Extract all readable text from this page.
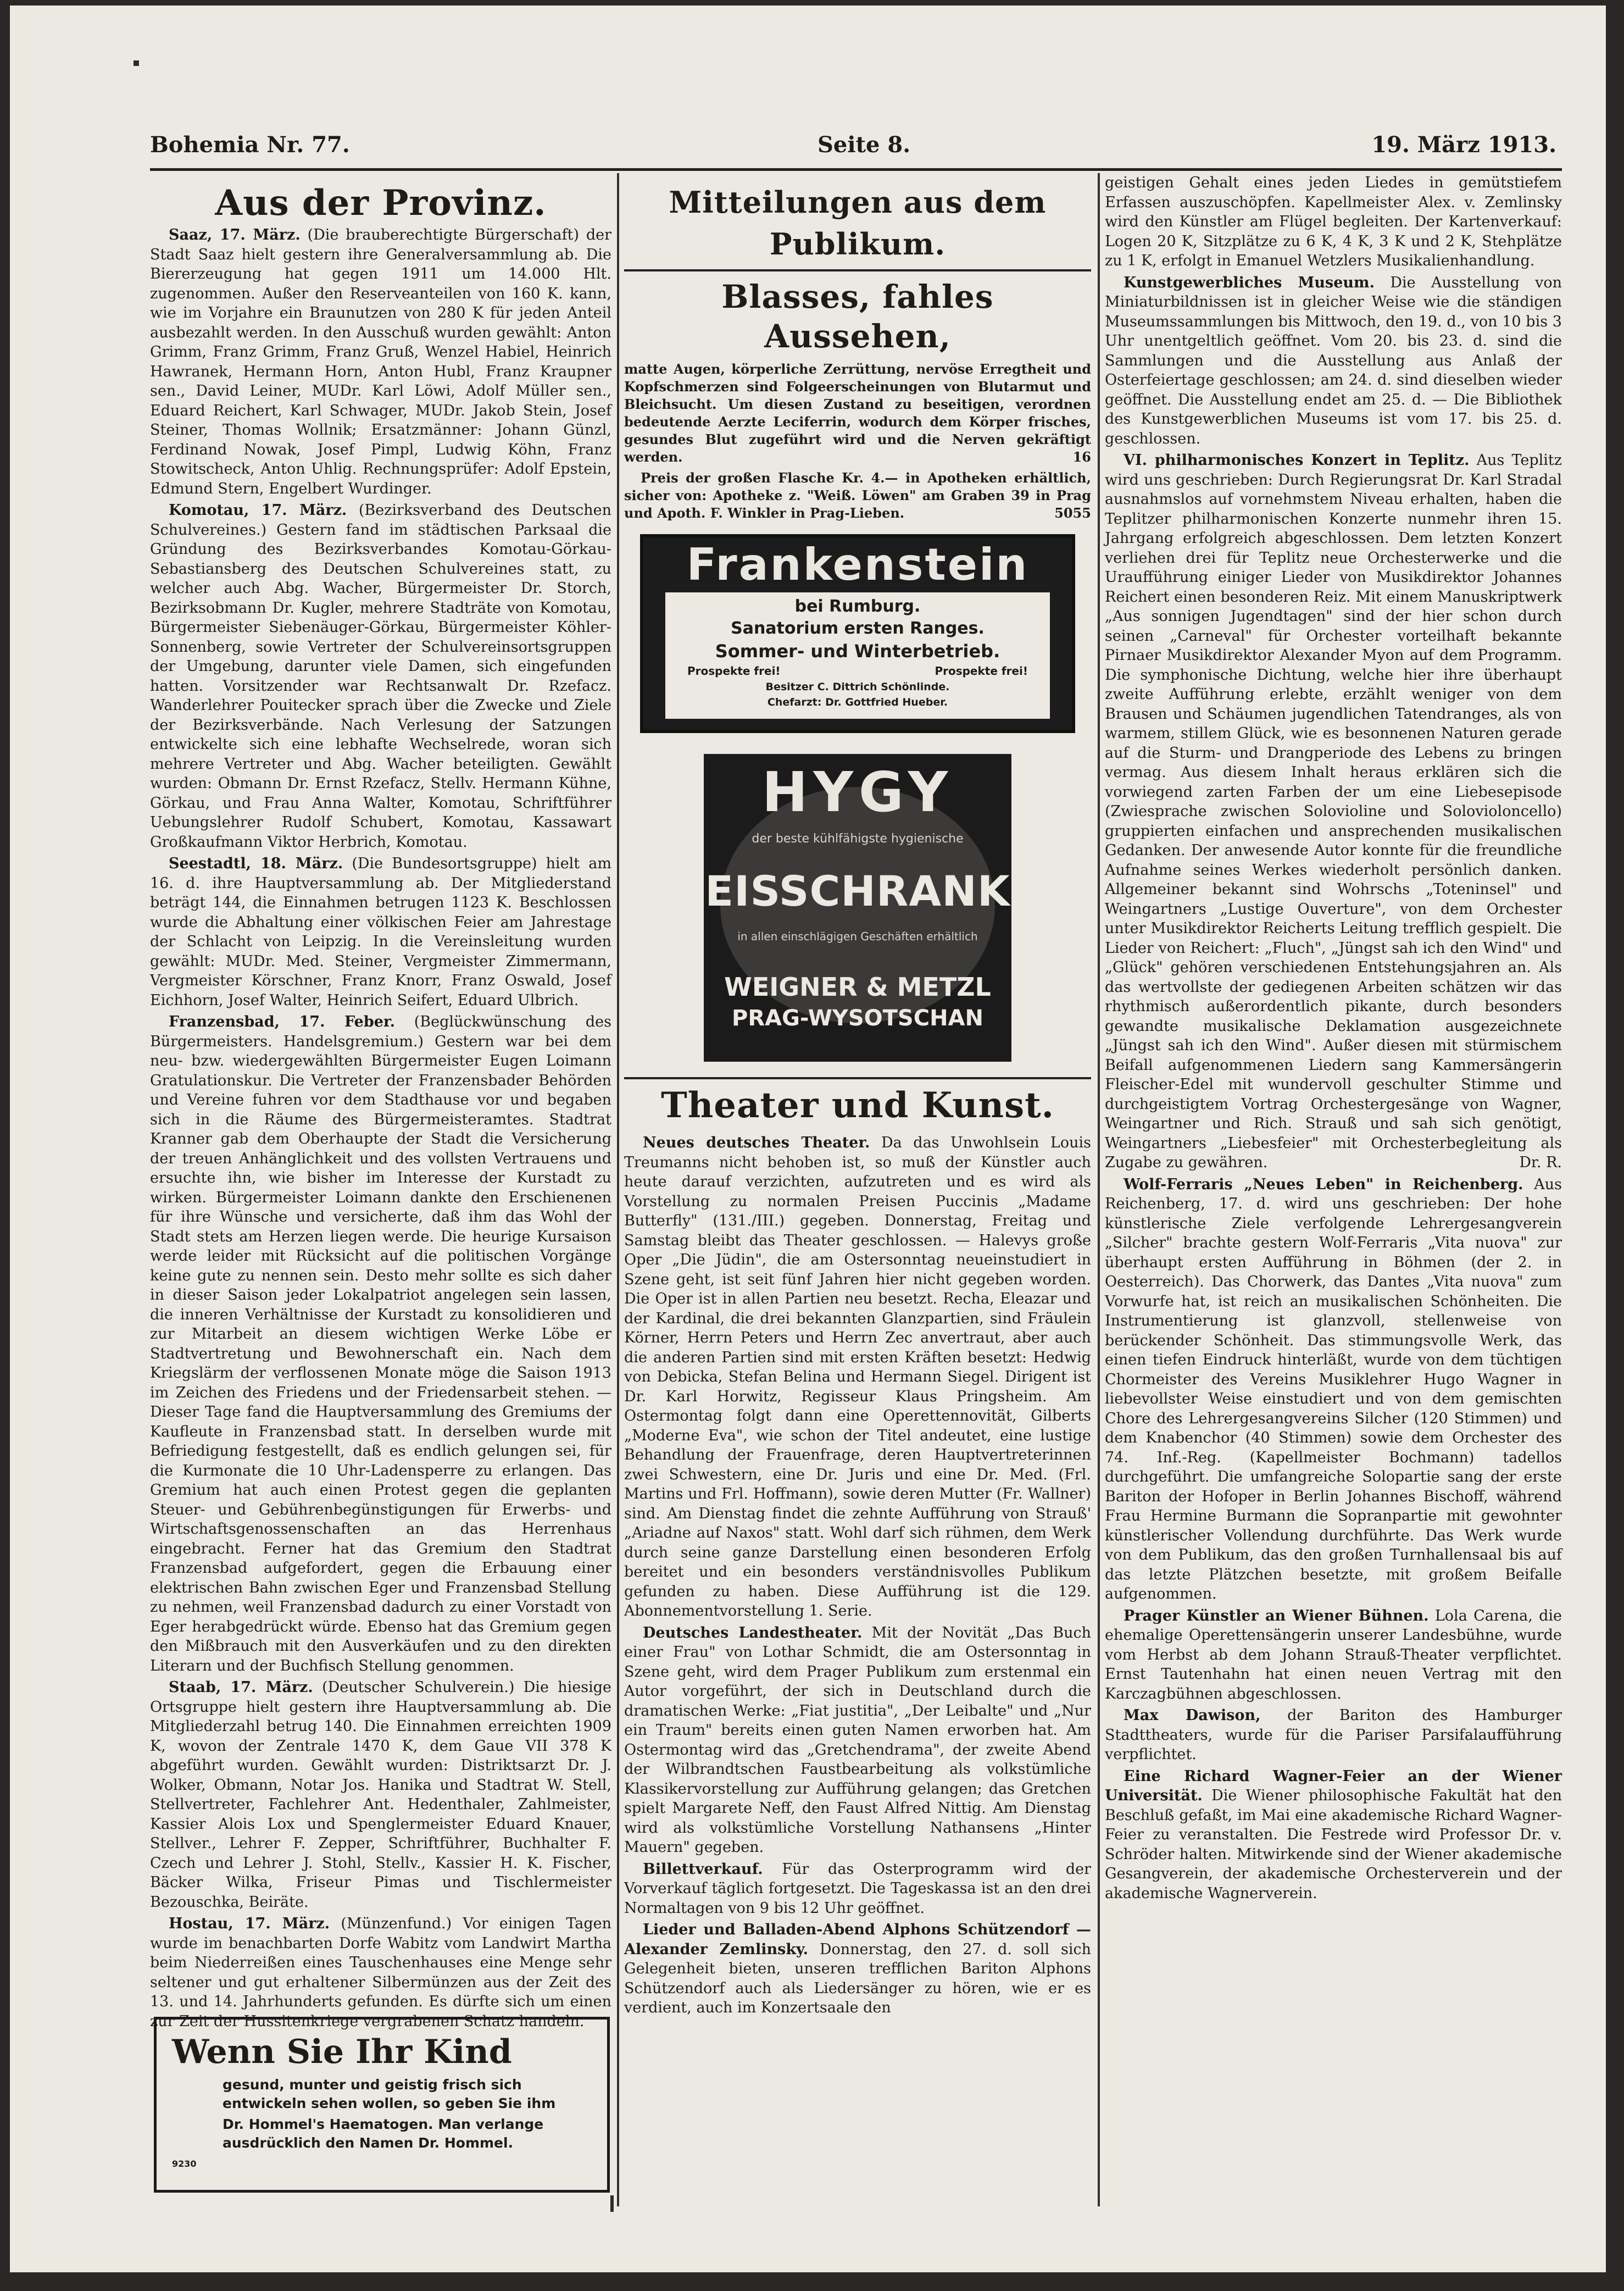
Bohemia Nr. 77.	Seite 8.	19. März 1913.
Aus der Provinz.

Saaz, 17. März. (Die brauberechtigte Bürgerschaft) der Stadt Saaz hielt gestern ihre Generalversammlung ab. Die Biererzeugung hat gegen 1911 um 14.000 Hlt. zugenommen. Außer den Reserveanteilen von 160 K. kann, wie im Vorjahre ein Braunutzen von 280 K für jeden Anteil ausbezahlt werden. In den Ausschuß wurden gewählt: Anton Grimm, Franz Grimm, Franz Gruß, Wenzel Habiel, Heinrich Hawranek, Hermann Horn, Anton Hubl, Franz Kraupner sen., David Leiner, MUDr. Karl Löwi, Adolf Müller sen., Eduard Reichert, Karl Schwager, MUDr. Jakob Stein, Josef Steiner, Thomas Wollnik; Ersatzmänner: Johann Günzl, Ferdinand Nowak, Josef Pimpl, Ludwig Köhn, Franz Stowitscheck, Anton Uhlig. Rechnungsprüfer: Adolf Epstein, Edmund Stern, Engelbert Wurdinger.

Komotau, 17. März. (Bezirksverband des Deutschen Schulvereines.) Gestern fand im städtischen Parksaal die Gründung des Bezirksverbandes Komotau-Görkau-Sebastiansberg des Deutschen Schulvereines statt, zu welcher auch Abg. Wacher, Bürgermeister Dr. Storch, Bezirksobmann Dr. Kugler, mehrere Stadträte von Komotau, Bürgermeister Siebenäuger-Görkau, Bürgermeister Köhler-Sonnenberg, sowie Vertreter der Schulvereinsortsgruppen der Umgebung, darunter viele Damen, sich eingefunden hatten. Vorsitzender war Rechtsanwalt Dr. Rzefacz. Wanderlehrer Pouitecker sprach über die Zwecke und Ziele der Bezirksverbände. Nach Verlesung der Satzungen entwickelte sich eine lebhafte Wechselrede, woran sich mehrere Vertreter und Abg. Wacher beteiligten. Gewählt wurden: Obmann Dr. Ernst Rzefacz, Stellv. Hermann Kühne, Görkau, und Frau Anna Walter, Komotau, Schriftführer Uebungslehrer Rudolf Schubert, Komotau, Kassawart Großkaufmann Viktor Herbrich, Komotau.

Seestadtl, 18. März. (Die Bundesortsgruppe) hielt am 16. d. ihre Hauptversammlung ab. Der Mitgliederstand beträgt 144, die Einnahmen betrugen 1123 K. Beschlossen wurde die Abhaltung einer völkischen Feier am Jahrestage der Schlacht von Leipzig. In die Vereinsleitung wurden gewählt: MUDr. Med. Steiner, Vergmeister Zimmermann, Vergmeister Körschner, Franz Knorr, Franz Oswald, Josef Eichhorn, Josef Walter, Heinrich Seifert, Eduard Ulbrich.

Franzensbad, 17. Feber. (Beglückwünschung des Bürgermeisters. Handelsgremium.) Gestern war bei dem neu- bzw. wiedergewählten Bürgermeister Eugen Loimann Gratulationskur. Die Vertreter der Franzensbader Behörden und Vereine fuhren vor dem Stadthause vor und begaben sich in die Räume des Bürgermeisteramtes. Stadtrat Kranner gab dem Oberhaupte der Stadt die Versicherung der treuen Anhänglichkeit und des vollsten Vertrauens und ersuchte ihn, wie bisher im Interesse der Kurstadt zu wirken. Bürgermeister Loimann dankte den Erschienenen für ihre Wünsche und versicherte, daß ihm das Wohl der Stadt stets am Herzen liegen werde. Die heurige Kursaison werde leider mit Rücksicht auf die politischen Vorgänge keine gute zu nennen sein. Desto mehr sollte es sich daher in dieser Saison jeder Lokalpatriot angelegen sein lassen, die inneren Verhältnisse der Kurstadt zu konsolidieren und zur Mitarbeit an diesem wichtigen Werke Löbe er Stadtvertretung und Bewohnerschaft ein. Nach dem Kriegslärm der verflossenen Monate möge die Saison 1913 im Zeichen des Friedens und der Friedensarbeit stehen. — Dieser Tage fand die Hauptversammlung des Gremiums der Kaufleute in Franzensbad statt. In derselben wurde mit Befriedigung festgestellt, daß es endlich gelungen sei, für die Kurmonate die 10 Uhr-Ladensperre zu erlangen. Das Gremium hat auch einen Protest gegen die geplanten Steuer- und Gebührenbegünstigungen für Erwerbs- und Wirtschaftsgenossenschaften an das Herrenhaus eingebracht. Ferner hat das Gremium den Stadtrat Franzensbad aufgefordert, gegen die Erbauung einer elektrischen Bahn zwischen Eger und Franzensbad Stellung zu nehmen, weil Franzensbad dadurch zu einer Vorstadt von Eger herabgedrückt würde. Ebenso hat das Gremium gegen den Mißbrauch mit den Ausverkäufen und zu den direkten Literarn und der Buchfisch Stellung genommen.

Staab, 17. März. (Deutscher Schulverein.) Die hiesige Ortsgruppe hielt gestern ihre Hauptversammlung ab. Die Mitgliederzahl betrug 140. Die Einnahmen erreichten 1909 K, wovon der Zentrale 1470 K, dem Gaue VII 378 K abgeführt wurden. Gewählt wurden: Distriktsarzt Dr. J. Wolker, Obmann, Notar Jos. Hanika und Stadtrat W. Stell, Stellvertreter, Fachlehrer Ant. Hedenthaler, Zahlmeister, Kassier Alois Lox und Spenglermeister Eduard Knauer, Stellver., Lehrer F. Zepper, Schriftführer, Buchhalter F. Czech und Lehrer J. Stohl, Stellv., Kassier H. K. Fischer, Bäcker Wilka, Friseur Pimas und Tischlermeister Bezouschka, Beiräte.

Hostau, 17. März. (Münzenfund.) Vor einigen Tagen wurde im benachbarten Dorfe Wabitz vom Landwirt Martha beim Niederreißen eines Tauschenhauses eine Menge sehr seltener und gut erhaltener Silbermünzen aus der Zeit des 13. und 14. Jahrhunderts gefunden. Es dürfte sich um einen zur Zeit der Hussitenkriege vergrabenen Schatz handeln.

Wenn Sie Ihr Kind
gesund, munter und geistig frisch sich entwickeln sehen wollen, so geben Sie ihm
Dr. Hommel's Haematogen. Man verlange ausdrücklich den Namen Dr. Hommel.
9230
Mitteilungen aus dem Publikum.
Blasses, fahles Aussehen,

matte Augen, körperliche Zerrüttung, nervöse Erregtheit und Kopfschmerzen sind Folgeerscheinungen von Blutarmut und Bleichsucht. Um diesen Zustand zu beseitigen, verordnen bedeutende Aerzte Leciferrin, wodurch dem Körper frisches, gesundes Blut zugeführt wird und die Nerven gekräftigt werden.	16

Preis der großen Flasche Kr. 4.— in Apotheken erhältlich, sicher von: Apotheke z. "Weiß. Löwen" am Graben 39 in Prag und Apoth. F. Winkler in Prag-Lieben.	5055

Frankenstein
bei Rumburg.
Sanatorium ersten Ranges.
Sommer- und Winterbetrieb.
Prospekte frei!	Prospekte frei!
Besitzer C. Dittrich Schönlinde.
Chefarzt: Dr. Gottfried Hueber.
HYGY
der beste kühlfähigste hygienische
EISSCHRANK
in allen einschlägigen Geschäften erhältlich
WEIGNER & METZL
PRAG-WYSOTSCHAN
Theater und Kunst.

Neues deutsches Theater. Da das Unwohlsein Louis Treumanns nicht behoben ist, so muß der Künstler auch heute darauf verzichten, aufzutreten und es wird als Vorstellung zu normalen Preisen Puccinis „Madame Butterfly" (131./III.) gegeben. Donnerstag, Freitag und Samstag bleibt das Theater geschlossen. — Halevys große Oper „Die Jüdin", die am Ostersonntag neueinstudiert in Szene geht, ist seit fünf Jahren hier nicht gegeben worden. Die Oper ist in allen Partien neu besetzt. Recha, Eleazar und der Kardinal, die drei bekannten Glanzpartien, sind Fräulein Körner, Herrn Peters und Herrn Zec anvertraut, aber auch die anderen Partien sind mit ersten Kräften besetzt: Hedwig von Debicka, Stefan Belina und Hermann Siegel. Dirigent ist Dr. Karl Horwitz, Regisseur Klaus Pringsheim. Am Ostermontag folgt dann eine Operettennovität, Gilberts „Moderne Eva", wie schon der Titel andeutet, eine lustige Behandlung der Frauenfrage, deren Hauptvertreterinnen zwei Schwestern, eine Dr. Juris und eine Dr. Med. (Frl. Martins und Frl. Hoffmann), sowie deren Mutter (Fr. Wallner) sind. Am Dienstag findet die zehnte Aufführung von Strauß' „Ariadne auf Naxos" statt. Wohl darf sich rühmen, dem Werk durch seine ganze Darstellung einen besonderen Erfolg bereitet und ein besonders verständnisvolles Publikum gefunden zu haben. Diese Aufführung ist die 129. Abonnementvorstellung 1. Serie.

Deutsches Landestheater. Mit der Novität „Das Buch einer Frau" von Lothar Schmidt, die am Ostersonntag in Szene geht, wird dem Prager Publikum zum erstenmal ein Autor vorgeführt, der sich in Deutschland durch die dramatischen Werke: „Fiat justitia", „Der Leibalte" und „Nur ein Traum" bereits einen guten Namen erworben hat. Am Ostermontag wird das „Gretchendrama", der zweite Abend der Wilbrandtschen Faustbearbeitung als volkstümliche Klassikervorstellung zur Aufführung gelangen; das Gretchen spielt Margarete Neff, den Faust Alfred Nittig. Am Dienstag wird als volkstümliche Vorstellung Nathansens „Hinter Mauern" gegeben.

Billettverkauf. Für das Osterprogramm wird der Vorverkauf täglich fortgesetzt. Die Tageskassa ist an den drei Normaltagen von 9 bis 12 Uhr geöffnet.

Lieder und Balladen-Abend Alphons Schützendorf — Alexander Zemlinsky. Donnerstag, den 27. d. soll sich Gelegenheit bieten, unseren trefflichen Bariton Alphons Schützendorf auch als Liedersänger zu hören, wie er es verdient, auch im Konzertsaale den

geistigen Gehalt eines jeden Liedes in gemütstiefem Erfassen auszuschöpfen. Kapellmeister Alex. v. Zemlinsky wird den Künstler am Flügel begleiten. Der Kartenverkauf: Logen 20 K, Sitzplätze zu 6 K, 4 K, 3 K und 2 K, Stehplätze zu 1 K, erfolgt in Emanuel Wetzlers Musikalienhandlung.

Kunstgewerbliches Museum. Die Ausstellung von Miniaturbildnissen ist in gleicher Weise wie die ständigen Museumssammlungen bis Mittwoch, den 19. d., von 10 bis 3 Uhr unentgeltlich geöffnet. Vom 20. bis 23. d. sind die Sammlungen und die Ausstellung aus Anlaß der Osterfeiertage geschlossen; am 24. d. sind dieselben wieder geöffnet. Die Ausstellung endet am 25. d. — Die Bibliothek des Kunstgewerblichen Museums ist vom 17. bis 25. d. geschlossen.

VI. philharmonisches Konzert in Teplitz. Aus Teplitz wird uns geschrieben: Durch Regierungsrat Dr. Karl Stradal ausnahmslos auf vornehmstem Niveau erhalten, haben die Teplitzer philharmonischen Konzerte nunmehr ihren 15. Jahrgang erfolgreich abgeschlossen. Dem letzten Konzert verliehen drei für Teplitz neue Orchesterwerke und die Uraufführung einiger Lieder von Musikdirektor Johannes Reichert einen besonderen Reiz. Mit einem Manuskriptwerk „Aus sonnigen Jugendtagen" sind der hier schon durch seinen „Carneval" für Orchester vorteilhaft bekannte Pirnaer Musikdirektor Alexander Myon auf dem Programm. Die symphonische Dichtung, welche hier ihre überhaupt zweite Aufführung erlebte, erzählt weniger von dem Brausen und Schäumen jugendlichen Tatendranges, als von warmem, stillem Glück, wie es besonnenen Naturen gerade auf die Sturm- und Drangperiode des Lebens zu bringen vermag. Aus diesem Inhalt heraus erklären sich die vorwiegend zarten Farben der um eine Liebesepisode (Zwiesprache zwischen Solovioline und Solovioloncello) gruppierten einfachen und ansprechenden musikalischen Gedanken. Der anwesende Autor konnte für die freundliche Aufnahme seines Werkes wiederholt persönlich danken. Allgemeiner bekannt sind Wohrschs „Toteninsel" und Weingartners „Lustige Ouverture", von dem Orchester unter Musikdirektor Reicherts Leitung trefflich gespielt. Die Lieder von Reichert: „Fluch", „Jüngst sah ich den Wind" und „Glück" gehören verschiedenen Entstehungsjahren an. Als das wertvollste der gediegenen Arbeiten schätzen wir das rhythmisch außerordentlich pikante, durch besonders gewandte musikalische Deklamation ausgezeichnete „Jüngst sah ich den Wind". Außer diesen mit stürmischem Beifall aufgenommenen Liedern sang Kammersängerin Fleischer-Edel mit wundervoll geschulter Stimme und durchgeistigtem Vortrag Orchestergesänge von Wagner, Weingartner und Rich. Strauß und sah sich genötigt, Weingartners „Liebesfeier" mit Orchesterbegleitung als Zugabe zu gewähren.	Dr. R.

Wolf-Ferraris „Neues Leben" in Reichenberg. Aus Reichenberg, 17. d. wird uns geschrieben: Der hohe künstlerische Ziele verfolgende Lehrergesangverein „Silcher" brachte gestern Wolf-Ferraris „Vita nuova" zur überhaupt ersten Aufführung in Böhmen (der 2. in Oesterreich). Das Chorwerk, das Dantes „Vita nuova" zum Vorwurfe hat, ist reich an musikalischen Schönheiten. Die Instrumentierung ist glanzvoll, stellenweise von berückender Schönheit. Das stimmungsvolle Werk, das einen tiefen Eindruck hinterläßt, wurde von dem tüchtigen Chormeister des Vereins Musiklehrer Hugo Wagner in liebevollster Weise einstudiert und von dem gemischten Chore des Lehrergesangvereins Silcher (120 Stimmen) und dem Knabenchor (40 Stimmen) sowie dem Orchester des 74. Inf.-Reg. (Kapellmeister Bochmann) tadellos durchgeführt. Die umfangreiche Solopartie sang der erste Bariton der Hofoper in Berlin Johannes Bischoff, während Frau Hermine Burmann die Sopranpartie mit gewohnter künstlerischer Vollendung durchführte. Das Werk wurde von dem Publikum, das den großen Turnhallensaal bis auf das letzte Plätzchen besetzte, mit großem Beifalle aufgenommen.

Prager Künstler an Wiener Bühnen. Lola Carena, die ehemalige Operettensängerin unserer Landesbühne, wurde vom Herbst ab dem Johann Strauß-Theater verpflichtet. Ernst Tautenhahn hat einen neuen Vertrag mit den Karczagbühnen abgeschlossen.

Max Dawison, der Bariton des Hamburger Stadttheaters, wurde für die Pariser Parsifalaufführung verpflichtet.

Eine Richard Wagner-Feier an der Wiener Universität. Die Wiener philosophische Fakultät hat den Beschluß gefaßt, im Mai eine akademische Richard Wagner-Feier zu veranstalten. Die Festrede wird Professor Dr. v. Schröder halten. Mitwirkende sind der Wiener akademische Gesangverein, der akademische Orchesterverein und der akademische Wagnerverein.
